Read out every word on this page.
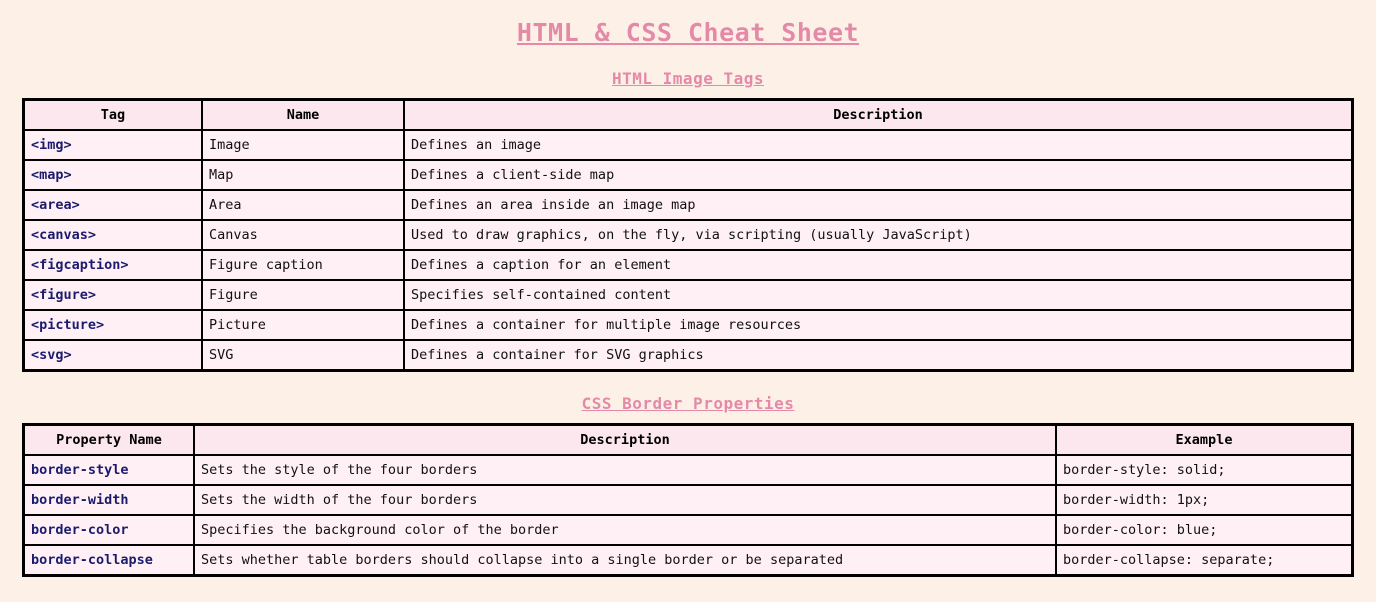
HTML & CSS Cheat Sheet
HTML Image Tags
Tag	Name	Description
<img>	Image	Defines an image
<map>	Map	Defines a client-side map
<area>	Area	Defines an area inside an image map
<canvas>	Canvas	Used to draw graphics, on the fly, via scripting (usually JavaScript)
<figcaption>	Figure caption	Defines a caption for an element
<figure>	Figure	Specifies self-contained content
<picture>	Picture	Defines a container for multiple image resources
<svg>	SVG	Defines a container for SVG graphics
CSS Border Properties
Property Name	Description	Example
border-style	Sets the style of the four borders	border-style: solid;
border-width	Sets the width of the four borders	border-width: 1px;
border-color	Specifies the background color of the border	border-color: blue;
border-collapse	Sets whether table borders should collapse into a single border or be separated	border-collapse: separate;
